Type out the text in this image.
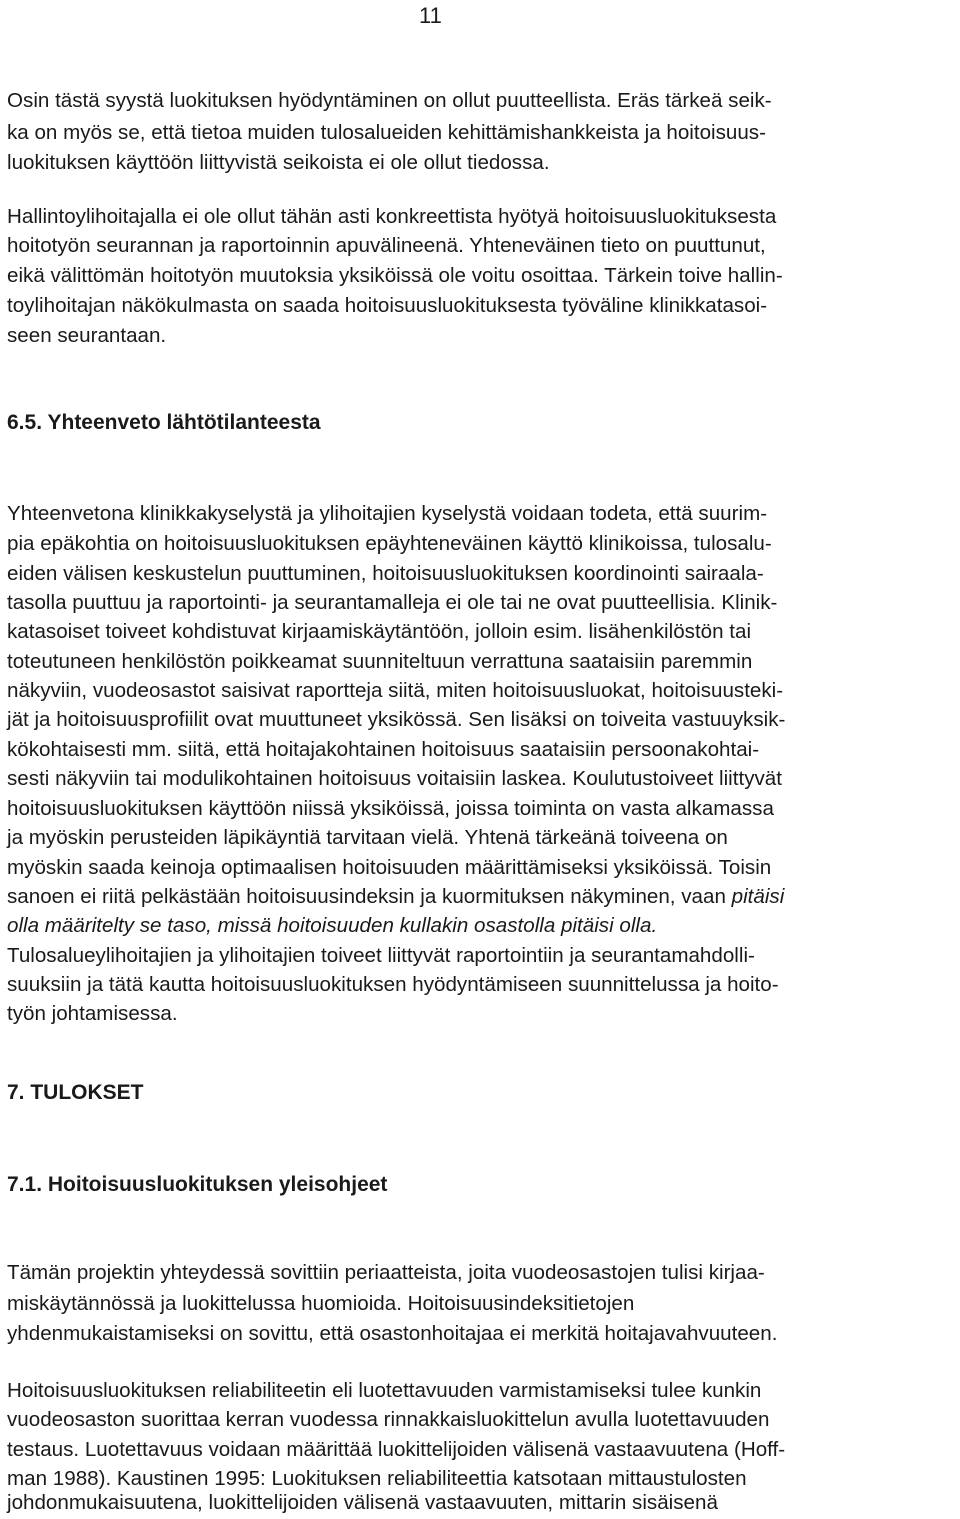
11
Osin tästä syystä luokituksen hyödyntäminen on ollut puutteellista. Eräs tärkeä seik-
ka on myös se, että tietoa muiden tulosalueiden kehittämishankkeista ja hoitoisuus-
luokituksen käyttöön liittyvistä seikoista ei ole ollut tiedossa.
Hallintoylihoitajalla ei ole ollut tähän asti konkreettista hyötyä hoitoisuusluokituksesta
hoitotyön seurannan ja raportoinnin apuvälineenä. Yhteneväinen tieto on puuttunut,
eikä välittömän hoitotyön muutoksia yksiköissä ole voitu osoittaa. Tärkein toive hallin-
toylihoitajan näkökulmasta on saada hoitoisuusluokituksesta työväline klinikkatasoi-
seen seurantaan.
6.5. Yhteenveto lähtötilanteesta
Yhteenvetona klinikkakyselystä ja ylihoitajien kyselystä voidaan todeta, että suurim-
pia epäkohtia on hoitoisuusluokituksen epäyhteneväinen käyttö klinikoissa, tulosalu-
eiden välisen keskustelun puuttuminen, hoitoisuusluokituksen koordinointi sairaala-
tasolla puuttuu ja raportointi- ja seurantamalleja ei ole tai ne ovat puutteellisia. Klinik-
katasoiset toiveet kohdistuvat kirjaamiskäytäntöön, jolloin esim. lisähenkilöstön tai
toteutuneen henkilöstön poikkeamat suunniteltuun verrattuna saataisiin paremmin
näkyviin, vuodeosastot saisivat raportteja siitä, miten hoitoisuusluokat, hoitoisuusteki-
jät ja hoitoisuusprofiilit ovat muuttuneet yksikössä. Sen lisäksi on toiveita vastuuyksik-
kökohtaisesti mm. siitä, että hoitajakohtainen hoitoisuus saataisiin persoonakohtai-
sesti näkyviin tai modulikohtainen hoitoisuus voitaisiin laskea. Koulutustoiveet liittyvät
hoitoisuusluokituksen käyttöön niissä yksiköissä, joissa toiminta on vasta alkamassa
ja myöskin perusteiden läpikäyntiä tarvitaan vielä. Yhtenä tärkeänä toiveena on
myöskin saada keinoja optimaalisen hoitoisuuden määrittämiseksi yksiköissä. Toisin
sanoen ei riitä pelkästään hoitoisuusindeksin ja kuormituksen näkyminen, vaan pitäisi
olla määritelty se taso, missä hoitoisuuden kullakin osastolla pitäisi olla.
Tulosalueylihoitajien ja ylihoitajien toiveet liittyvät raportointiin ja seurantamahdolli-
suuksiin ja tätä kautta hoitoisuusluokituksen hyödyntämiseen suunnittelussa ja hoito-
työn johtamisessa.
7. TULOKSET
7.1. Hoitoisuusluokituksen yleisohjeet
Tämän projektin yhteydessä sovittiin periaatteista, joita vuodeosastojen tulisi kirjaa-
miskäytännössä ja luokittelussa huomioida. Hoitoisuusindeksitietojen
yhdenmukaistamiseksi on sovittu, että osastonhoitajaa ei merkitä hoitajavahvuuteen.
Hoitoisuusluokituksen reliabiliteetin eli luotettavuuden varmistamiseksi tulee kunkin
vuodeosaston suorittaa kerran vuodessa rinnakkaisluokittelun avulla luotettavuuden
testaus. Luotettavuus voidaan määrittää luokittelijoiden välisenä vastaavuutena (Hoff-
man 1988). Kaustinen 1995: Luokituksen reliabiliteettia katsotaan mittaustulosten
johdonmukaisuutena, luokittelijoiden välisenä vastaavuuten, mittarin sisäisenä
